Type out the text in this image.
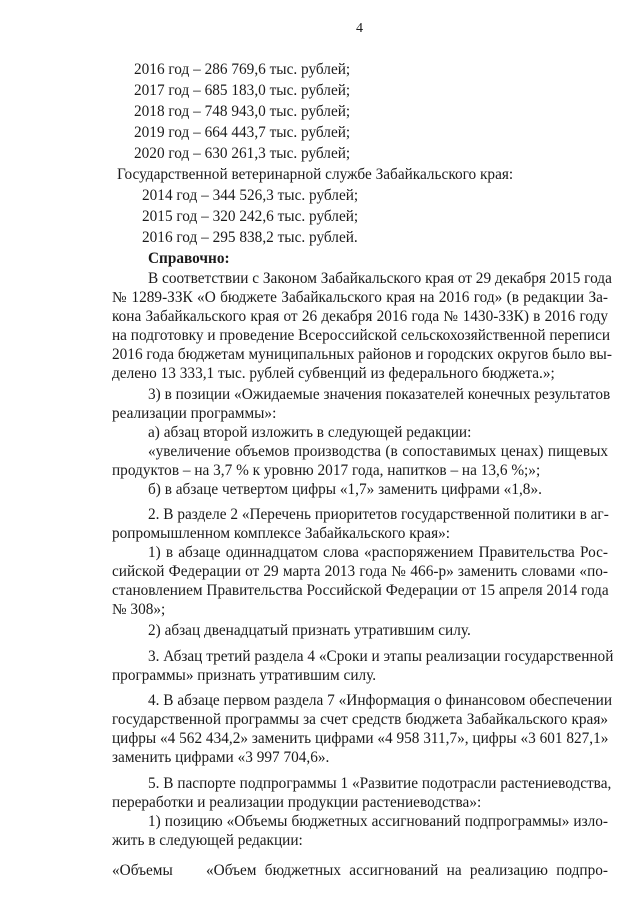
4
2016 год – 286 769,6 тыс. рублей;
2017 год – 685 183,0 тыс. рублей;
2018 год – 748 943,0 тыс. рублей;
2019 год – 664 443,7 тыс. рублей;
2020 год – 630 261,3 тыс. рублей;
Государственной ветеринарной службе Забайкальского края:
2014 год – 344 526,3 тыс. рублей;
2015 год – 320 242,6 тыс. рублей;
2016 год – 295 838,2 тыс. рублей.
Справочно:
В соответствии с Законом Забайкальского края от 29 декабря 2015 года
№ 1289-ЗЗК «О бюджете Забайкальского края на 2016 год» (в редакции За-
кона Забайкальского края от 26 декабря 2016 года № 1430-ЗЗК) в 2016 году
на подготовку и проведение Всероссийской сельскохозяйственной переписи
2016 года бюджетам муниципальных районов и городских округов было вы-
делено 13 333,1 тыс. рублей субвенций из федерального бюджета.»;
3) в позиции «Ожидаемые значения показателей конечных результатов
реализации программы»:
а) абзац второй изложить в следующей редакции:
«увеличение объемов производства (в сопоставимых ценах) пищевых
продуктов – на 3,7 % к уровню 2017 года, напитков – на 13,6 %;»;
б) в абзаце четвертом цифры «1,7» заменить цифрами «1,8».
2. В разделе 2 «Перечень приоритетов государственной политики в аг-
ропромышленном комплексе Забайкальского края»:
1) в абзаце одиннадцатом слова «распоряжением Правительства Рос-
сийской Федерации от 29 марта 2013 года № 466-р» заменить словами «по-
становлением Правительства Российской Федерации от 15 апреля 2014 года
№ 308»;
2) абзац двенадцатый признать утратившим силу.
3. Абзац третий раздела 4 «Сроки и этапы реализации государственной
программы» признать утратившим силу.
4. В абзаце первом раздела 7 «Информация о финансовом обеспечении
государственной программы за счет средств бюджета Забайкальского края»
цифры «4 562 434,2» заменить цифрами «4 958 311,7», цифры «3 601 827,1»
заменить цифрами «3 997 704,6».
5. В паспорте подпрограммы 1 «Развитие подотрасли растениеводства,
переработки и реализации продукции растениеводства»:
1) позицию «Объемы бюджетных ассигнований подпрограммы» излo-
жить в следующей редакции:
«Объемы «Объем бюджетных ассигнований на реализацию подпро-
